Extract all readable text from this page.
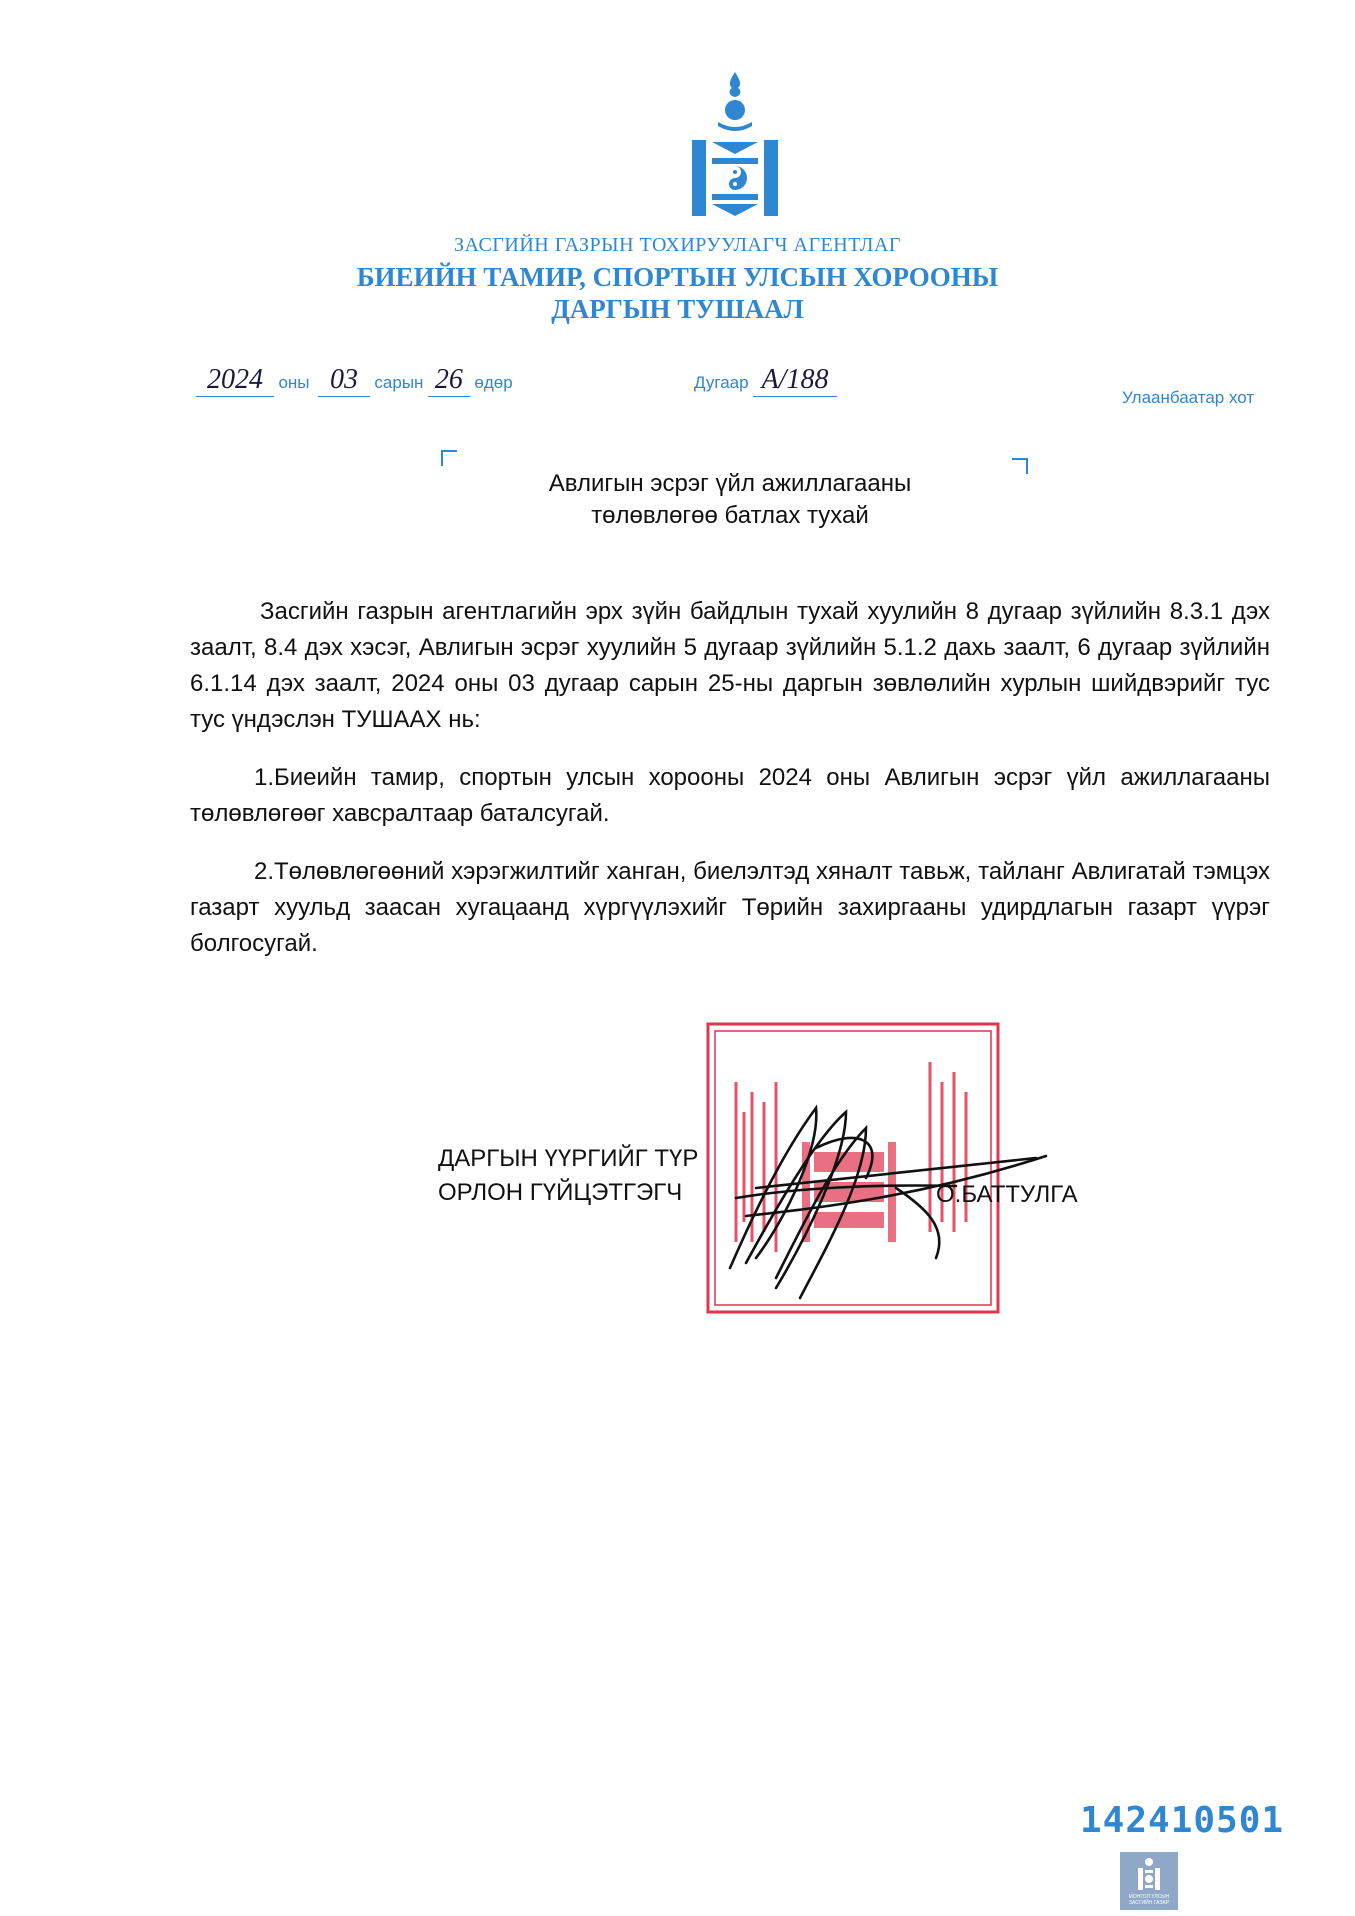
ЗАСГИЙН ГАЗРЫН ТОХИРУУЛАГЧ АГЕНТЛАГ
БИЕИЙН ТАМИР, СПОРТЫН УЛСЫН ХОРООНЫ
ДАРГЫН ТУШААЛ
2024 оны 03 сарын 26 өдөр	Дугаар А/188
Улаанбаатар хот
Авлигын эсрэг үйл ажиллагааны
төлөвлөгөө батлах тухай
Засгийн газрын агентлагийн эрх зүйн байдлын тухай хуулийн 8 дугаар зүйлийн 8.3.1 дэх заалт, 8.4 дэх хэсэг, Авлигын эсрэг хуулийн 5 дугаар зүйлийн 5.1.2 дахь заалт, 6 дугаар зүйлийн 6.1.14 дэх заалт, 2024 оны 03 дугаар сарын 25-ны даргын зөвлөлийн хурлын шийдвэрийг тус тус үндэслэн ТУШААХ нь:
1.Биеийн тамир, спортын улсын хорооны 2024 оны Авлигын эсрэг үйл ажиллагааны төлөвлөгөөг хавсралтаар баталсугай.
2.Төлөвлөгөөний хэрэгжилтийг ханган, биелэлтэд хяналт тавьж, тайланг Авлигатай тэмцэх газарт хуульд заасан хугацаанд хүргүүлэхийг Төрийн захиргааны удирдлагын газарт үүрэг болгосугай.
ДАРГЫН ҮҮРГИЙГ ТҮР
ОРЛОН ГҮЙЦЭТГЭГЧ	О.БАТТУЛГА
142410501
МОНГОЛ УЛСЫН
ЗАСГИЙН ГАЗАР
